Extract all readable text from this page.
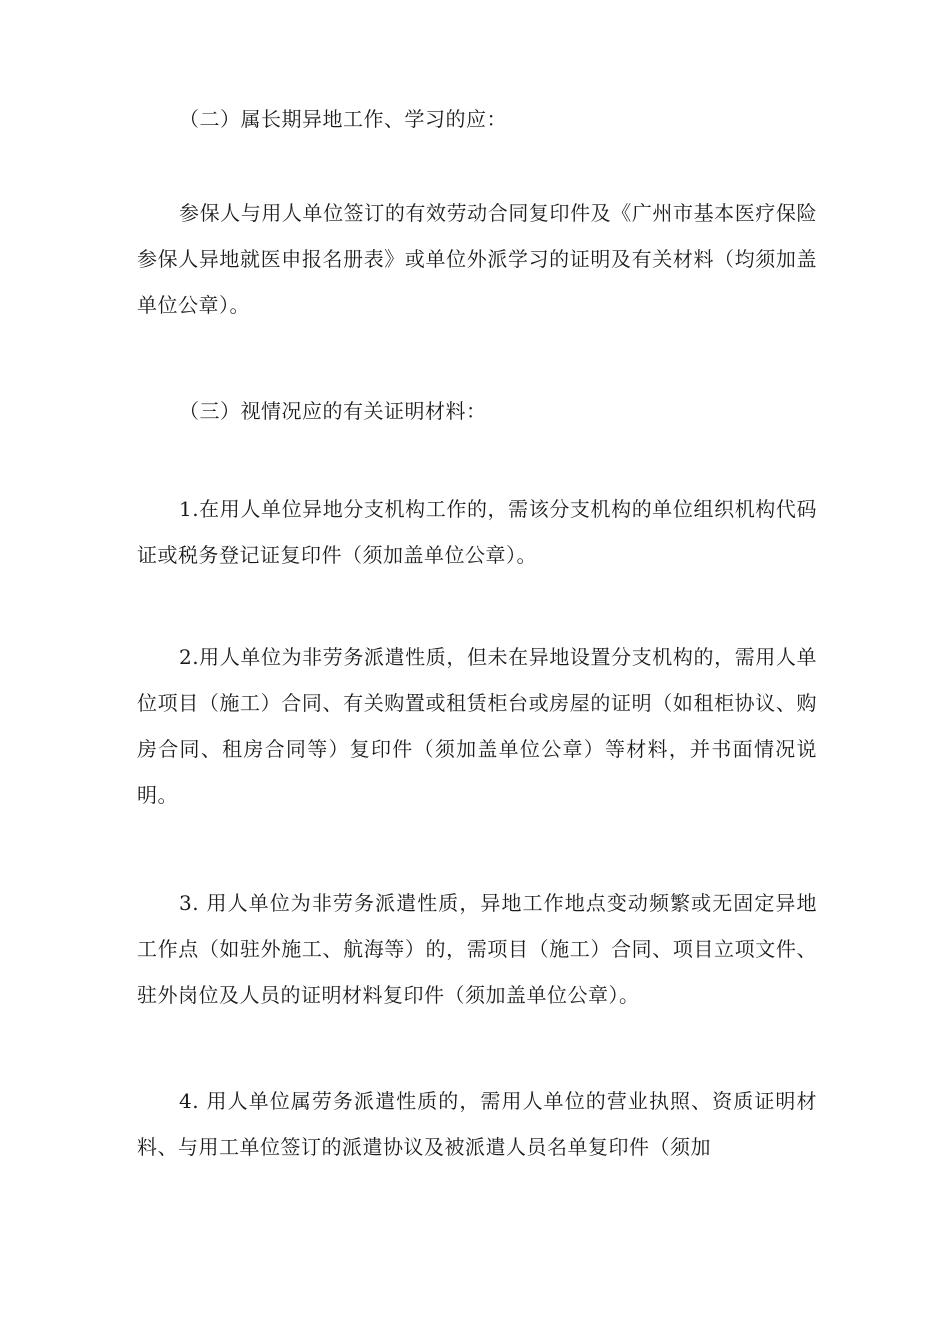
（二）属长期异地工作、学习的应：

参保人与用人单位签订的有效劳动合同复印件及《广州市基本医疗保险参保人异地就医申报名册表》或单位外派学习的证明及有关材料（均须加盖单位公章）。

（三）视情况应的有关证明材料：

1.在用人单位异地分支机构工作的，需该分支机构的单位组织机构代码证或税务登记证复印件（须加盖单位公章）。

2.用人单位为非劳务派遣性质，但未在异地设置分支机构的，需用人单位项目（施工）合同、有关购置或租赁柜台或房屋的证明（如租柜协议、购房合同、租房合同等）复印件（须加盖单位公章）等材料，并书面情况说明。

3. 用人单位为非劳务派遣性质，异地工作地点变动频繁或无固定异地工作点（如驻外施工、航海等）的，需项目（施工）合同、项目立项文件、驻外岗位及人员的证明材料复印件（须加盖单位公章）。

4. 用人单位属劳务派遣性质的，需用人单位的营业执照、资质证明材料、与用工单位签订的派遣协议及被派遣人员名单复印件（须加
